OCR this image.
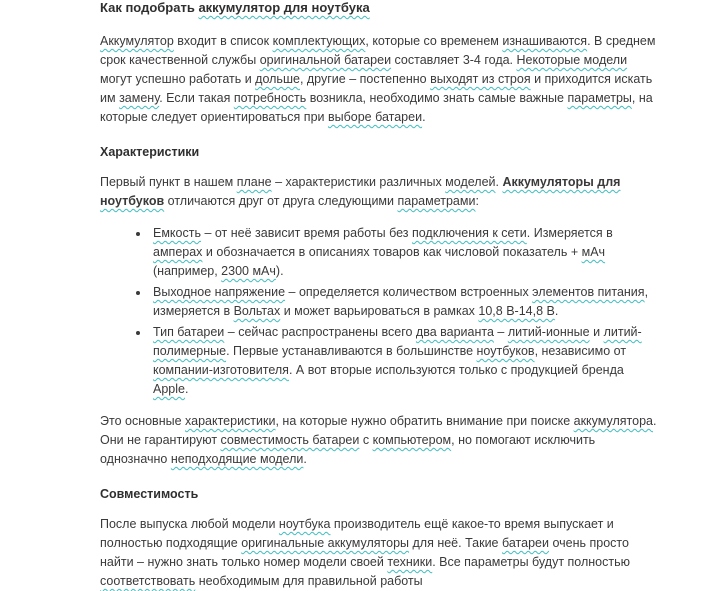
Как подобрать аккумулятор для ноутбука

Аккумулятор входит в список комплектующих, которые со временем изнашиваются. В среднем срок качественной службы оригинальной батареи составляет 3-4 года. Некоторые модели могут успешно работать и дольше, другие – постепенно выходят из строя и приходится искать им замену. Если такая потребность возникла, необходимо знать самые важные параметры, на которые следует ориентироваться при выборе батареи.

Характеристики

Первый пункт в нашем плане – характеристики различных моделей. Аккумуляторы для ноутбуков отличаются друг от друга следующими параметрами:

• Емкость – от неё зависит время работы без подключения к сети. Измеряется в амперах и обозначается в описаниях товаров как числовой показатель + мАч (например, 2300 мАч).
• Выходное напряжение – определяется количеством встроенных элементов питания, измеряется в Вольтах и может варьироваться в рамках 10,8 В-14,8 В.
• Тип батареи – сейчас распространены всего два варианта – литий-ионные и литий-полимерные. Первые устанавливаются в большинстве ноутбуков, независимо от компании-изготовителя. А вот вторые используются только с продукцией бренда Apple.

Это основные характеристики, на которые нужно обратить внимание при поиске аккумулятора. Они не гарантируют совместимость батареи с компьютером, но помогают исключить однозначно неподходящие модели.

Совместимость

После выпуска любой модели ноутбука производитель ещё какое-то время выпускает и полностью подходящие оригинальные аккумуляторы для неё. Такие батареи очень просто найти – нужно знать только номер модели своей техники. Все параметры будут полностью соответствовать необходимым для правильной работы
